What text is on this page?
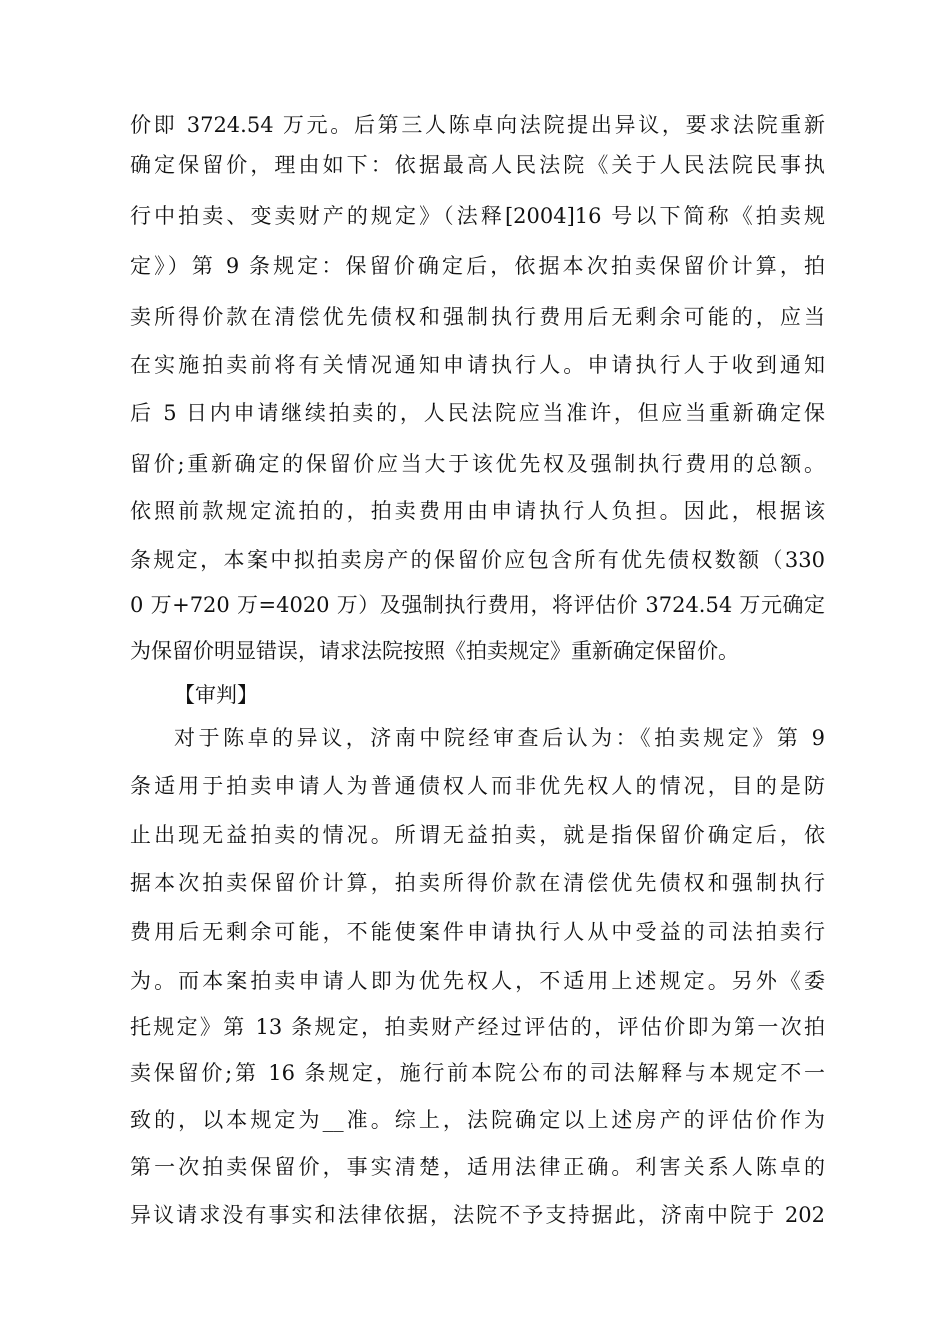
价即 3724.54 万元。后第三人陈卓向法院提出异议，要求法院重新
确定保留价，理由如下：依据最高人民法院《关于人民法院民事执
行中拍卖、变卖财产的规定》（法释[2004]16 号以下简称《拍卖规
定》）第 9 条规定：保留价确定后，依据本次拍卖保留价计算，拍
卖所得价款在清偿优先债权和强制执行费用后无剩余可能的，应当
在实施拍卖前将有关情况通知申请执行人。申请执行人于收到通知
后 5 日内申请继续拍卖的，人民法院应当准许，但应当重新确定保
留价;重新确定的保留价应当大于该优先权及强制执行费用的总额。
依照前款规定流拍的，拍卖费用由申请执行人负担。因此，根据该
条规定，本案中拟拍卖房产的保留价应包含所有优先债权数额（330
0 万+720 万=4020 万）及强制执行费用，将评估价 3724.54 万元确定
为保留价明显错误，请求法院按照《拍卖规定》重新确定保留价。
【审判】
对于陈卓的异议，济南中院经审查后认为：《拍卖规定》第 9
条适用于拍卖申请人为普通债权人而非优先权人的情况，目的是防
止出现无益拍卖的情况。所谓无益拍卖，就是指保留价确定后，依
据本次拍卖保留价计算，拍卖所得价款在清偿优先债权和强制执行
费用后无剩余可能，不能使案件申请执行人从中受益的司法拍卖行
为。而本案拍卖申请人即为优先权人，不适用上述规定。另外《委
托规定》第 13 条规定，拍卖财产经过评估的，评估价即为第一次拍
卖保留价;第 16 条规定，施行前本院公布的司法解释与本规定不一
致的，以本规定为__准。综上，法院确定以上述房产的评估价作为
第一次拍卖保留价，事实清楚，适用法律正确。利害关系人陈卓的
异议请求没有事实和法律依据，法院不予支持据此，济南中院于 202
